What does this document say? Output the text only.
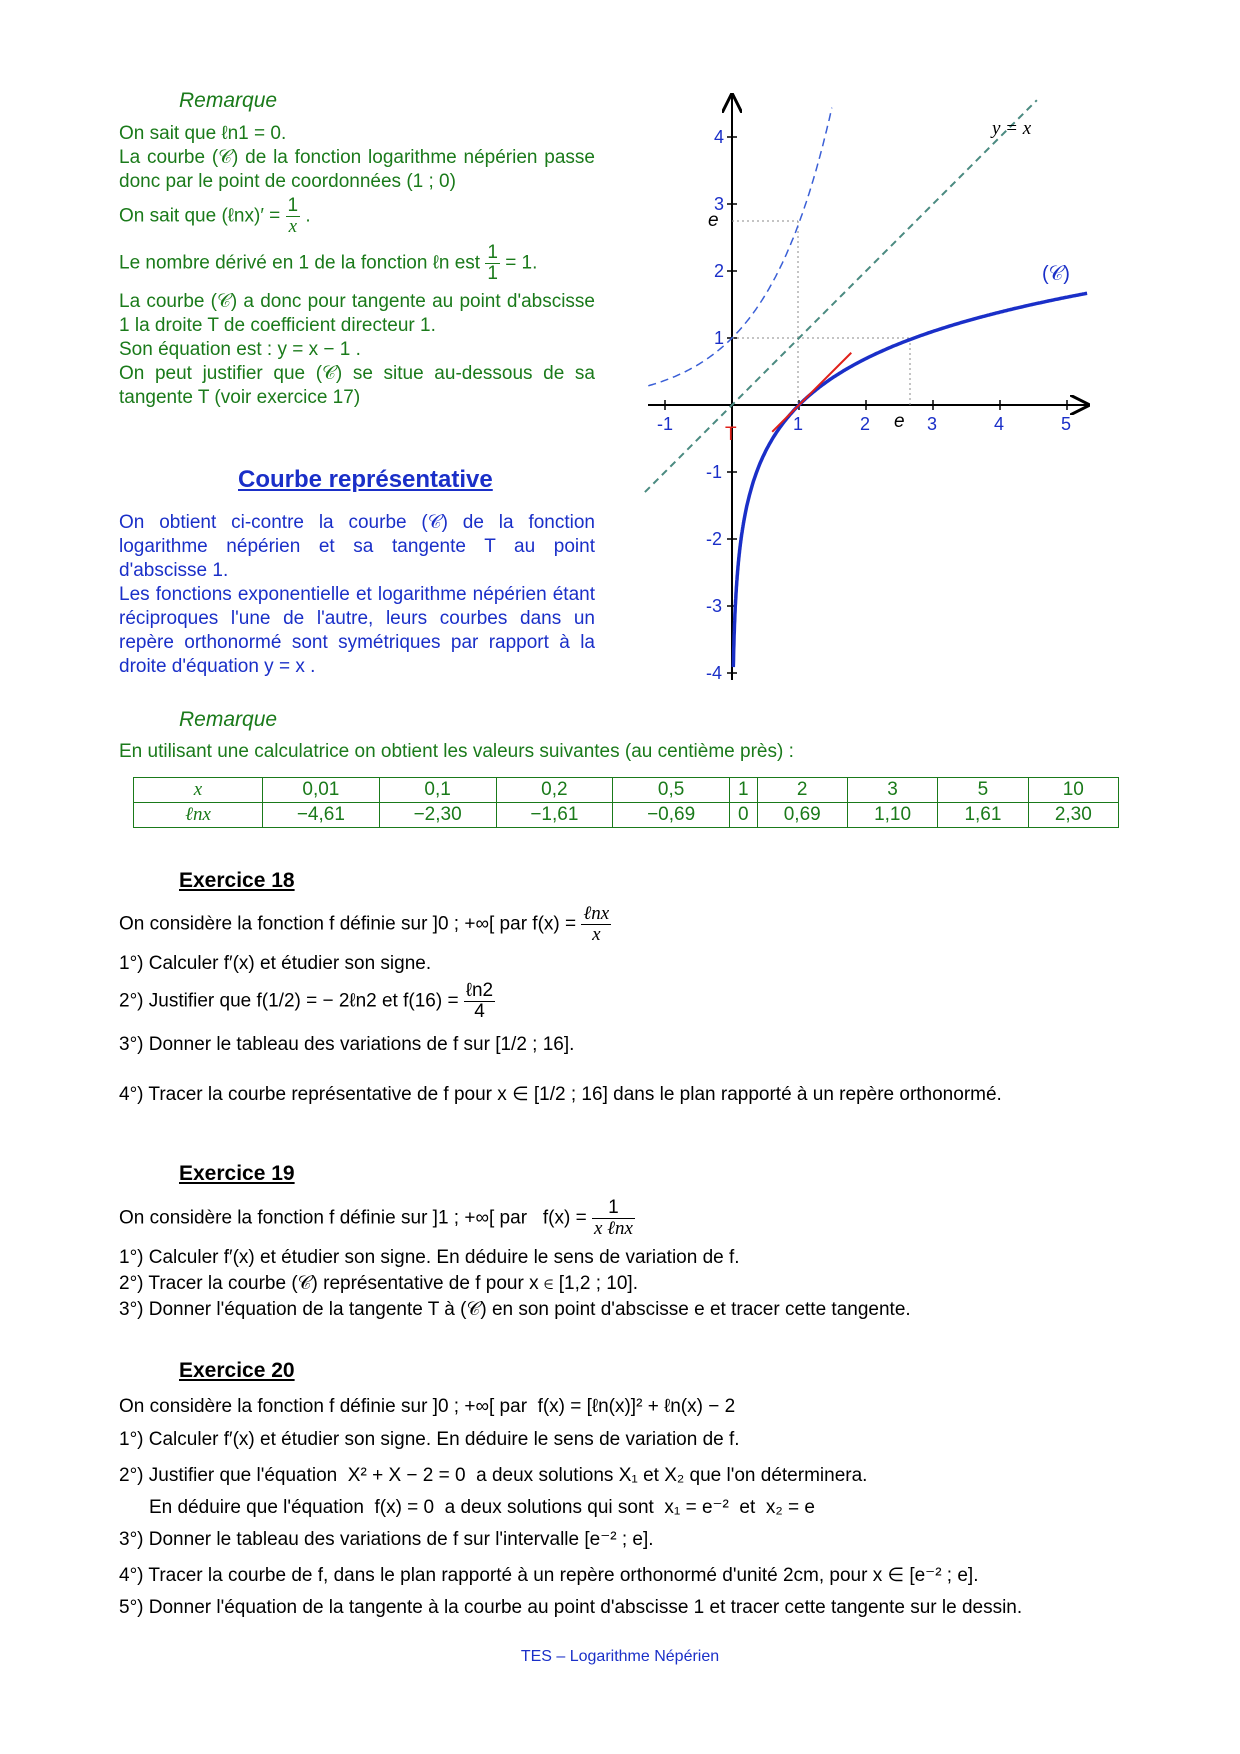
Remarque

On sait que ℓn1 = 0.

La courbe (𝒞) de la fonction logarithme népérien passe donc par le point de coordonnées (1 ; 0)

On sait que (ℓnx)′ = $\frac{1}{x}$ .

Le nombre dérivé en 1 de la fonction ℓn est $\frac{1}{1} = 1$.

La courbe (𝒞) a donc pour tangente au point d'abscisse 1 la droite T de coefficient directeur 1.

Son équation est : y = x − 1 .

On peut justifier que (𝒞) se situe au-dessous de sa tangente T (voir exercice 17)

Courbe représentative

On obtient ci-contre la courbe (𝒞) de la fonction logarithme népérien et sa tangente T au point d'abscisse 1.

Les fonctions exponentielle et logarithme népérien étant réciproques l'une de l'autre, leurs courbes dans un repère orthonormé sont symétriques par rapport à la droite d'équation y = x .

-1	1	2	3	4	5
4
3
2
1
-1
-2
-3
-4
y = x
(𝒞)
T
e
e
Remarque
En utilisant une calculatrice on obtient les valeurs suivantes (au centième près) :
x	0,01	0,1	0,2	0,5	1	2	3	5	10
ℓnx	−4,61	−2,30	−1,61	−0,69	0	0,69	1,10	1,61	2,30
Exercice 18
On considère la fonction f définie sur ]0 ; +∞[ par $f(x) = \frac{\text{ℓnx}}{x}$
1°) Calculer f′(x) et étudier son signe.
2°) Justifier que f(1/2) = − 2ℓn2 et $f(16) = \frac{\text{ℓn2}}{4}$
3°) Donner le tableau des variations de f sur [1/2 ; 16].
4°) Tracer la courbe représentative de f pour x ∈ [1/2 ; 16] dans le plan rapporté à un repère orthonormé.
Exercice 19
On considère la fonction f définie sur ]1 ; +∞[ par   $f(x) = \frac{1}{\text{x ℓnx}}$
1°) Calculer f′(x) et étudier son signe. En déduire le sens de variation de f.
2°) Tracer la courbe (𝒞) représentative de f pour x ∈ [1,2 ; 10].
3°) Donner l'équation de la tangente T à (𝒞) en son point d'abscisse e et tracer cette tangente.
Exercice 20
On considère la fonction f définie sur ]0 ; +∞[ par  f(x) = [ℓn(x)]² + ℓn(x) − 2
1°) Calculer f′(x) et étudier son signe. En déduire le sens de variation de f.
2°) Justifier que l'équation  X² + X − 2 = 0  a deux solutions X₁ et X₂ que l'on déterminera.
En déduire que l'équation  f(x) = 0  a deux solutions qui sont  x₁ = e⁻²  et  x₂ = e
3°) Donner le tableau des variations de f sur l'intervalle [e⁻² ; e].
4°) Tracer la courbe de f, dans le plan rapporté à un repère orthonormé d'unité 2cm, pour x ∈ [e⁻² ; e].
5°) Donner l'équation de la tangente à la courbe au point d'abscisse 1 et tracer cette tangente sur le dessin.
TES – Logarithme Népérien
